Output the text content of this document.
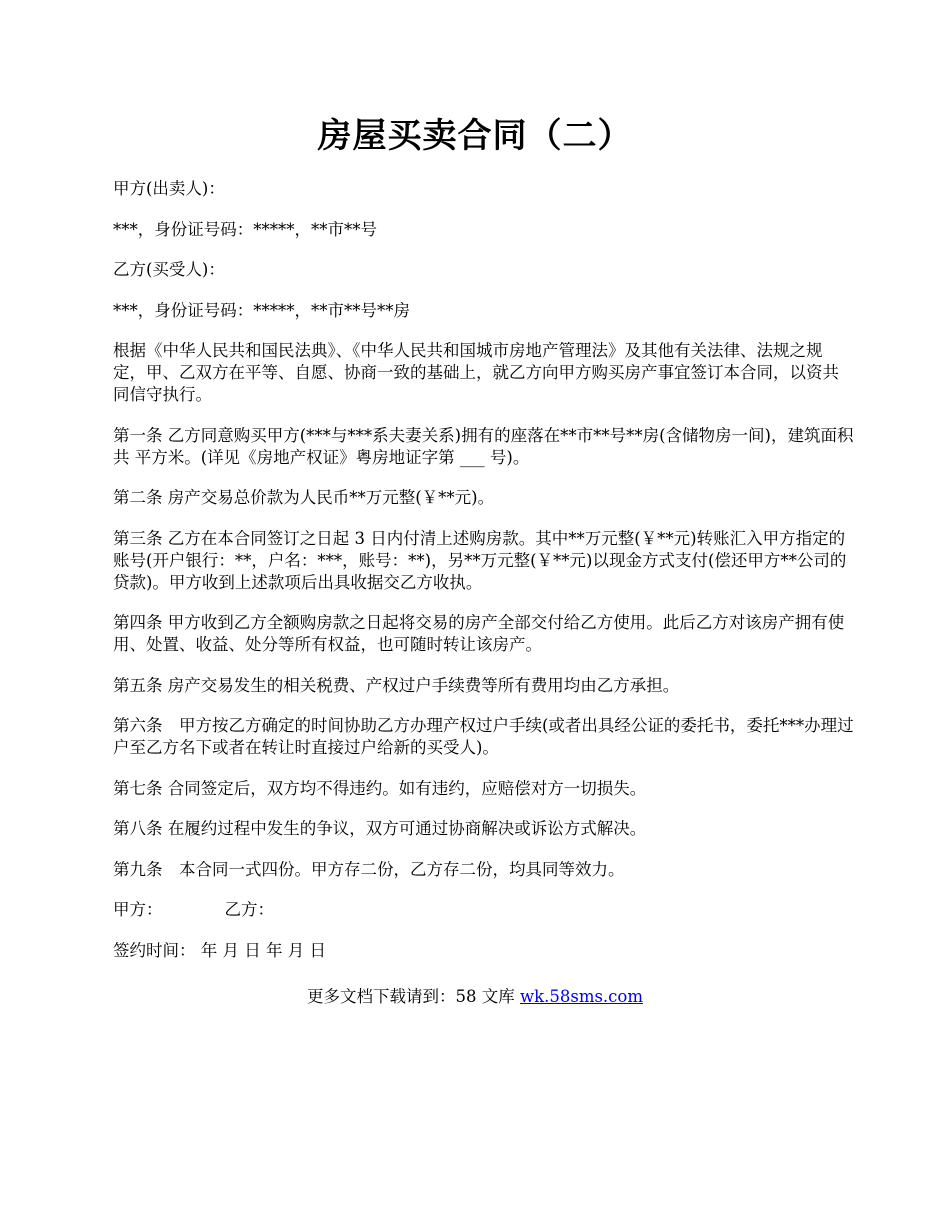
房屋买卖合同（二）

甲方(出卖人)：

***，身份证号码：*****，**市**号

乙方(买受人)：

***，身份证号码：*****，**市**号**房

根据《中华人民共和国民法典》、《中华人民共和国城市房地产管理法》及其他有关法律、法规之规定，甲、乙双方在平等、自愿、协商一致的基础上，就乙方向甲方购买房产事宜签订本合同，以资共同信守执行。

第一条 乙方同意购买甲方(***与***系夫妻关系)拥有的座落在**市**号**房(含储物房一间)，建筑面积共 平方米。(详见《房地产权证》粤房地证字第 ___ 号)。

第二条 房产交易总价款为人民币**万元整(￥**元)。

第三条 乙方在本合同签订之日起 3 日内付清上述购房款。其中**万元整(￥**元)转账汇入甲方指定的账号(开户银行：**，户名：***，账号：**)，另**万元整(￥**元)以现金方式支付(偿还甲方**公司的贷款)。甲方收到上述款项后出具收据交乙方收执。

第四条 甲方收到乙方全额购房款之日起将交易的房产全部交付给乙方使用。此后乙方对该房产拥有使用、处置、收益、处分等所有权益，也可随时转让该房产。

第五条 房产交易发生的相关税费、产权过户手续费等所有费用均由乙方承担。

第六条　甲方按乙方确定的时间协助乙方办理产权过户手续(或者出具经公证的委托书，委托***办理过户至乙方名下或者在转让时直接过户给新的买受人)。

第七条 合同签定后，双方均不得违约。如有违约，应赔偿对方一切损失。

第八条 在履约过程中发生的争议，双方可通过协商解决或诉讼方式解决。

第九条　本合同一式四份。甲方存二份，乙方存二份，均具同等效力。

甲方：	乙方：
签约时间： 年 月 日 年 月 日
更多文档下载请到：58 文库 wk.58sms.com
